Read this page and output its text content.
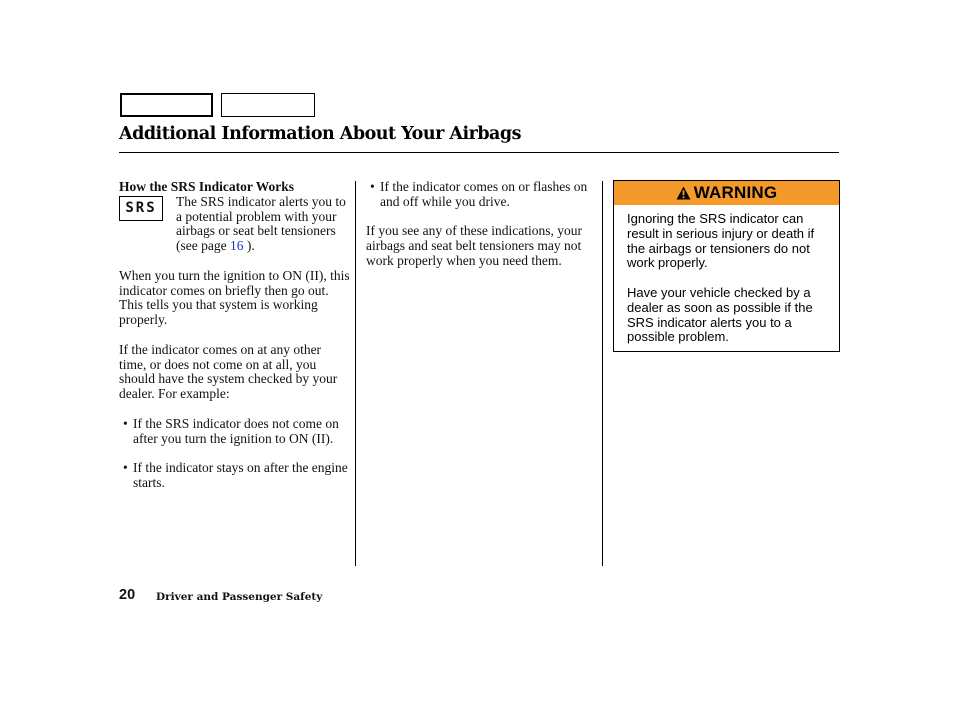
Additional Information About Your Airbags

How the SRS Indicator Works

SRS	The SRS indicator alerts you to a potential problem with your airbags or seat belt tensioners (see page 16 ).

When you turn the ignition to ON (II), this indicator comes on briefly then go out. This tells you that system is working properly.

If the indicator comes on at any other time, or does not come on at all, you should have the system checked by your dealer. For example:

• If the SRS indicator does not come on after you turn the ignition to ON (II).

• If the indicator stays on after the engine starts.

• If the indicator comes on or flashes on and off while you drive.

If you see any of these indications, your airbags and seat belt tensioners may not work properly when you need them.

WARNING

Ignoring the SRS indicator can result in serious injury or death if the airbags or tensioners do not work properly.

Have your vehicle checked by a dealer as soon as possible if the SRS indicator alerts you to a possible problem.

20 Driver and Passenger Safety
